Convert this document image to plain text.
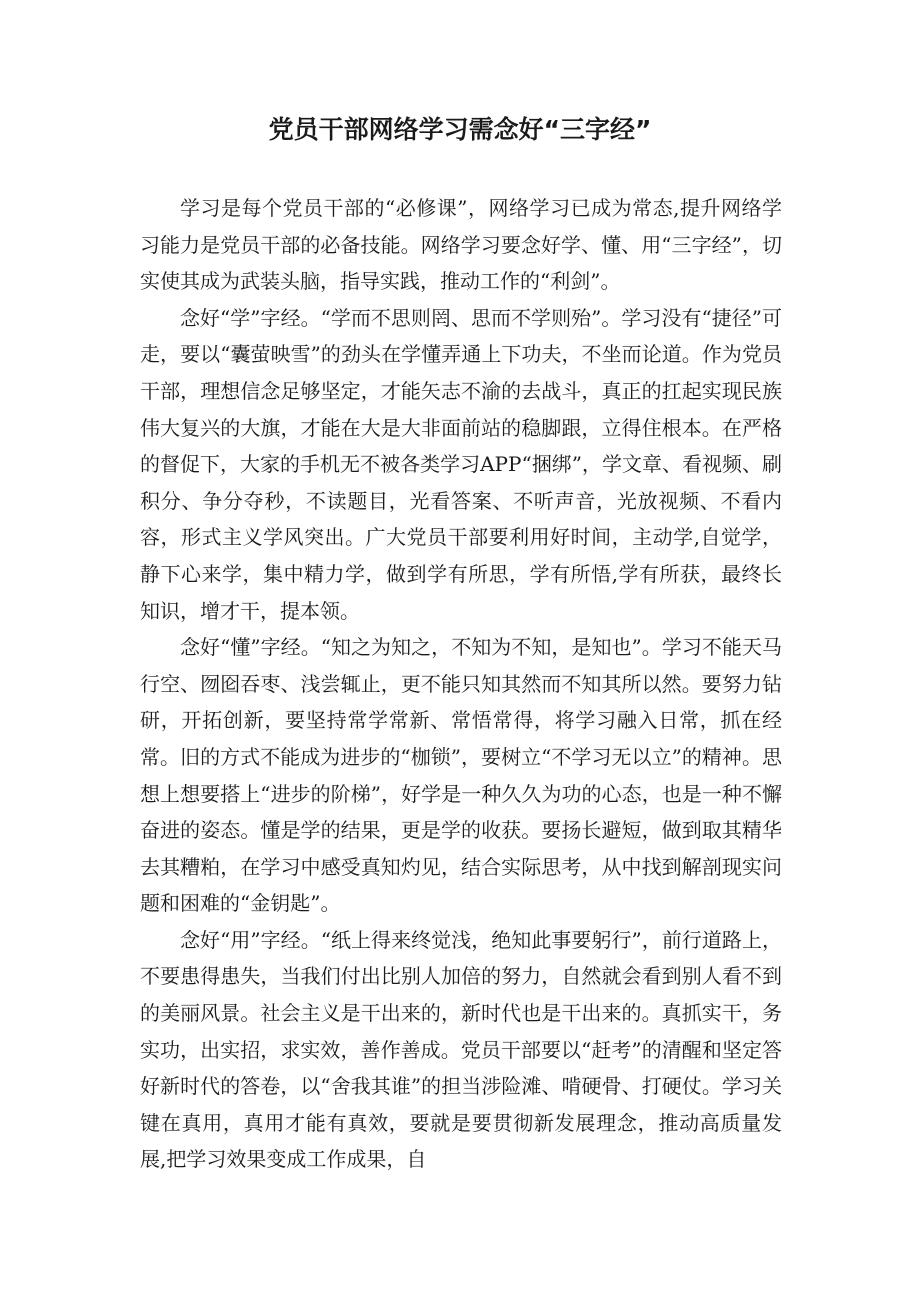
党员干部网络学习需念好“三字经”

学习是每个党员干部的“必修课”，网络学习已成为常态,提升网络学习能力是党员干部的必备技能。网络学习要念好学、懂、用“三字经”，切实使其成为武装头脑，指导实践，推动工作的“利剑”。

念好“学”字经。“学而不思则罔、思而不学则殆”。学习没有“捷径”可走，要以“囊萤映雪”的劲头在学懂弄通上下功夫，不坐而论道。作为党员干部，理想信念足够坚定，才能矢志不渝的去战斗，真正的扛起实现民族伟大复兴的大旗，才能在大是大非面前站的稳脚跟，立得住根本。在严格的督促下，大家的手机无不被各类学习APP“捆绑”，学文章、看视频、刷积分、争分夺秒，不读题目，光看答案、不听声音，光放视频、不看内容，形式主义学风突出。广大党员干部要利用好时间，主动学,自觉学，静下心来学，集中精力学，做到学有所思，学有所悟,学有所获，最终长知识，增才干，提本领。

念好“懂”字经。“知之为知之，不知为不知，是知也”。学习不能天马行空、囫囵吞枣、浅尝辄止，更不能只知其然而不知其所以然。要努力钻研，开拓创新，要坚持常学常新、常悟常得，将学习融入日常，抓在经常。旧的方式不能成为进步的“枷锁”，要树立“不学习无以立”的精神。思想上想要搭上“进步的阶梯”，好学是一种久久为功的心态，也是一种不懈奋进的姿态。懂是学的结果，更是学的收获。要扬长避短，做到取其精华去其糟粕，在学习中感受真知灼见，结合实际思考，从中找到解剖现实问题和困难的“金钥匙”。

念好“用”字经。“纸上得来终觉浅，绝知此事要躬行”，前行道路上，不要患得患失，当我们付出比别人加倍的努力，自然就会看到别人看不到的美丽风景。社会主义是干出来的，新时代也是干出来的。真抓实干，务实功，出实招，求实效，善作善成。党员干部要以“赶考”的清醒和坚定答好新时代的答卷，以“舍我其谁”的担当涉险滩、啃硬骨、打硬仗。学习关键在真用，真用才能有真效，要就是要贯彻新发展理念，推动高质量发展,把学习效果变成工作成果，自
